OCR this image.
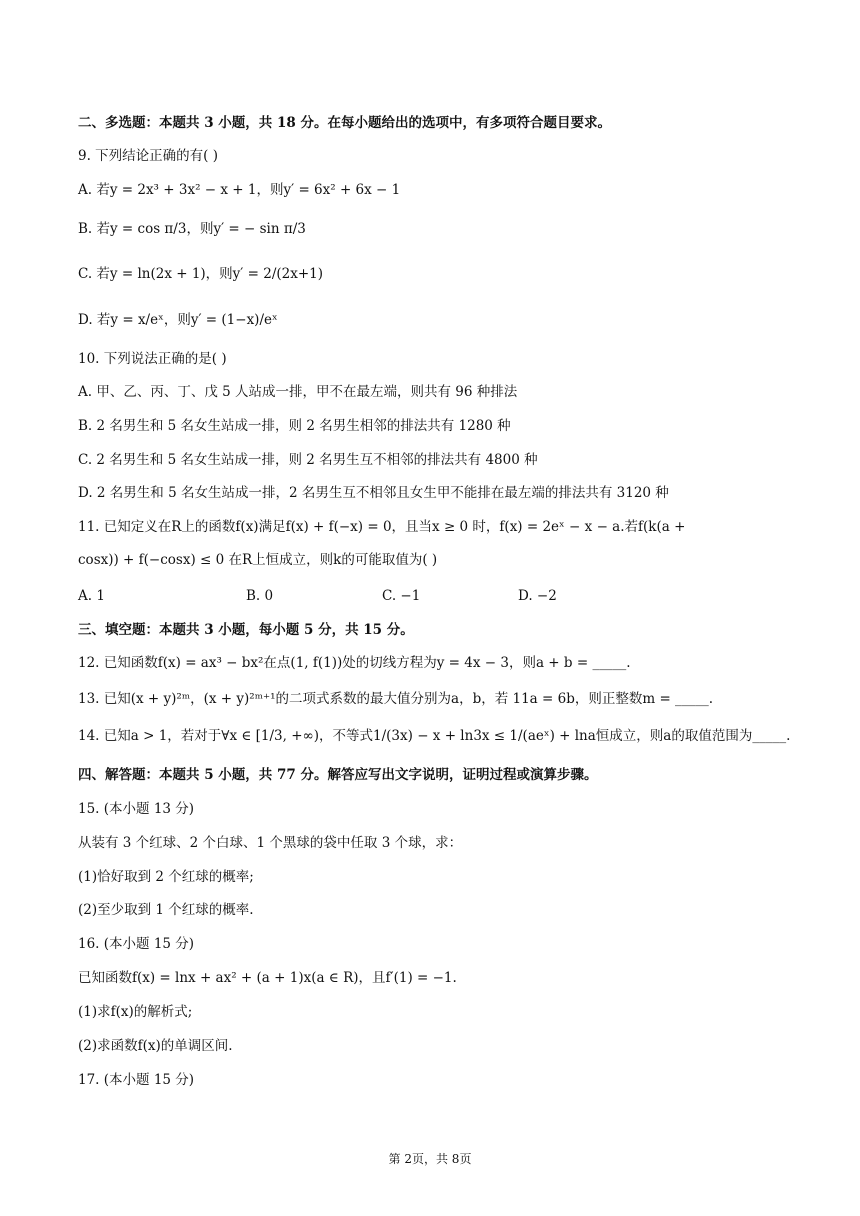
二、多选题：本题共 3 小题，共 18 分。在每小题给出的选项中，有多项符合题目要求。
9. 下列结论正确的有( )
A. 若y = 2x³ + 3x² − x + 1，则y′ = 6x² + 6x − 1
B. 若y = cos π/3，则y′ = − sin π/3
C. 若y = ln(2x + 1)，则y′ = 2/(2x+1)
D. 若y = x/eˣ，则y′ = (1−x)/eˣ
10. 下列说法正确的是( )
A. 甲、乙、丙、丁、戊 5 人站成一排，甲不在最左端，则共有 96 种排法
B. 2 名男生和 5 名女生站成一排，则 2 名男生相邻的排法共有 1280 种
C. 2 名男生和 5 名女生站成一排，则 2 名男生互不相邻的排法共有 4800 种
D. 2 名男生和 5 名女生站成一排，2 名男生互不相邻且女生甲不能排在最左端的排法共有 3120 种
11. 已知定义在R上的函数f(x)满足f(x) + f(−x) = 0，且当x ≥ 0 时，f(x) = 2eˣ − x − a.若f(k(a +
cosx)) + f(−cosx) ≤ 0 在R上恒成立，则k的可能取值为( )
A. 1	B. 0	C. −1	D. −2
三、填空题：本题共 3 小题，每小题 5 分，共 15 分。
12. 已知函数f(x) = ax³ − bx²在点(1, f(1))处的切线方程为y = 4x − 3，则a + b = _____.
13. 已知(x + y)²ᵐ，(x + y)²ᵐ⁺¹的二项式系数的最大值分别为a，b，若 11a = 6b，则正整数m = _____.
14. 已知a > 1，若对于∀x ∈ [1/3, +∞)，不等式1/(3x) − x + ln3x ≤ 1/(aeˣ) + lna恒成立，则a的取值范围为_____.
四、解答题：本题共 5 小题，共 77 分。解答应写出文字说明，证明过程或演算步骤。
15. (本小题 13 分)
从装有 3 个红球、2 个白球、1 个黑球的袋中任取 3 个球，求：
(1)恰好取到 2 个红球的概率;
(2)至少取到 1 个红球的概率.
16. (本小题 15 分)
已知函数f(x) = lnx + ax² + (a + 1)x(a ∈ R)，且f′(1) = −1.
(1)求f(x)的解析式;
(2)求函数f(x)的单调区间.
17. (本小题 15 分)
第 2页，共 8页
